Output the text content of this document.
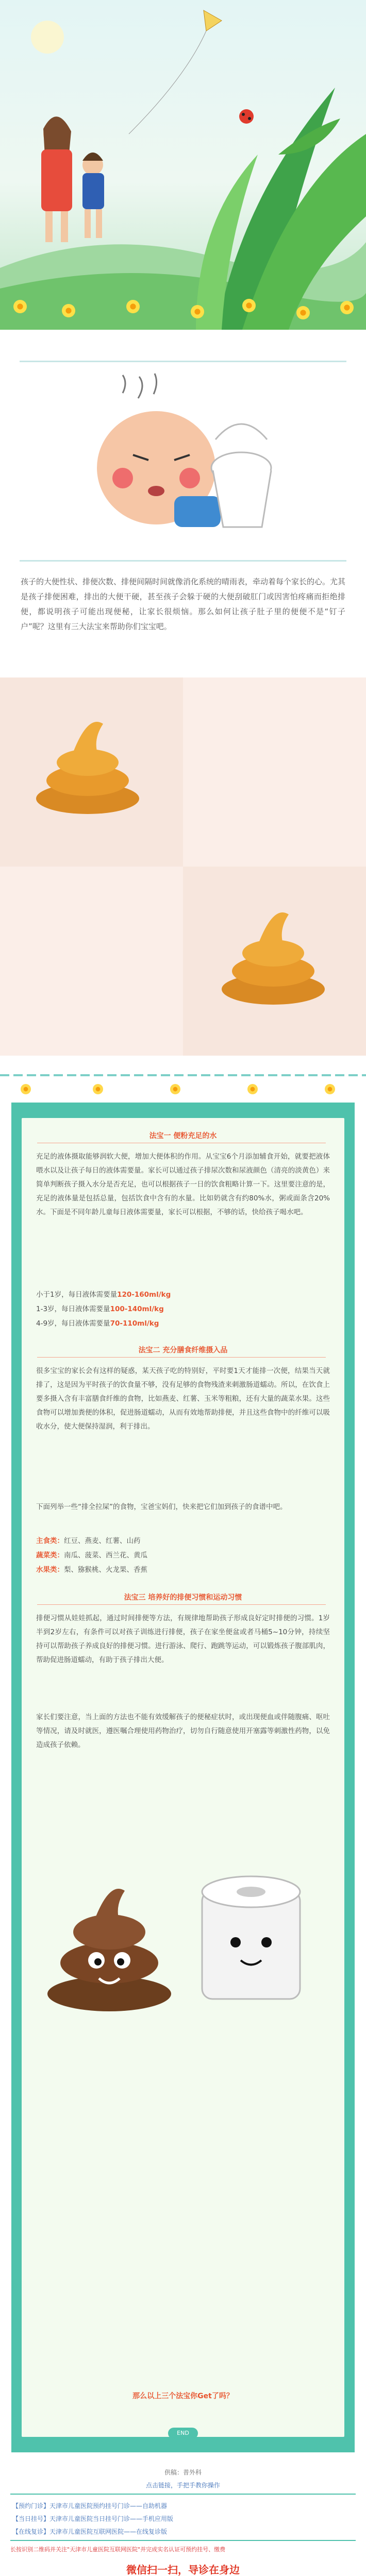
孩子的大便性状、排便次数、排便间隔时间就像消化系统的晴雨表，牵动着每个家长的心。尤其是孩子排便困难，排出的大便干硬，甚至孩子会躲于硬的大便刮破肛门或因害怕疼痛而拒绝排便，都说明孩子可能出现便秘，让家长很烦恼。那么如何让孩子肚子里的便便不是“钉子户”呢？这里有三大法宝来帮助你们宝宝吧。
法宝一 便粉充足的水
充足的液体摄取能够润软大便，增加大便体积的作用。从宝宝6个月添加辅食开始，就要把液体喂水以及让孩子每日的液体需要量。家长可以通过孩子排尿次数和尿液颜色（清亮的淡黄色）来简单判断孩子摄入水分是否充足，也可以根据孩子一日的饮食粗略计算一下。这里要注意的是，充足的液体量是包括总量，包括饮食中含有的水量。比如奶就含有约80%水，粥或面条含20%水。下面是不同年龄儿童每日液体需要量，家长可以根据，不够的话，快给孩子喝水吧。
小于1岁，每日液体需要量120-160ml/kg
1-3岁，每日液体需要量100-140ml/kg
4-9岁，每日液体需要量70-110ml/kg
法宝二 充分膳食纤维摄入品
很多宝宝的家长会有这样的疑惑，某天孩子吃的特别好，平时要1天才能排一次便，结果当天就排了，这是因为平时孩子的饮食量不够，没有足够的食物残渣来刺激肠道蠕动。所以，在饮食上要多摄入含有丰富膳食纤维的食物，比如燕麦、红薯、玉米等粗粮，还有大量的蔬菜水果。这些食物可以增加粪便的体积，促进肠道蠕动，从而有效地帮助排便，并且这些食物中的纤维可以吸收水分，使大便保持湿润，利于排出。
下面列举一些“排全拉屎”的食物，宝爸宝妈们，快来把它们加到孩子的食谱中吧。
主食类：红豆、燕麦、红薯、山药
蔬菜类：南瓜、菠菜、西兰花、黄瓜
水果类：梨、猕猴桃、火龙果、香蕉
法宝三 培养好的排便习惯和运动习惯
排便习惯从娃娃抓起，通过时间排便等方法，有规律地帮助孩子形成良好定时排便的习惯。1岁半到2岁左右，有条件可以对孩子训练进行排便，孩子在家坐便盆或者马桶5~10分钟，持续坚持可以帮助孩子养成良好的排便习惯。进行游泳、爬行、跑跳等运动，可以锻炼孩子腹部肌肉，帮助促进肠道蠕动，有助于孩子排出大便。
家长们要注意，当上面的方法也不能有效缓解孩子的便秘症状时，或出现便血或伴随腹痛、呕吐等情况，请及时就医，遵医嘱合理使用药物治疗，切勿自行随意使用开塞露等刺激性药物，以免造成孩子依赖。
那么以上三个法宝你Get了吗？
END
供稿：普外科
点击链接，手把手教你操作
【预约门诊】天津市儿童医院预约挂号门诊——自助机器
【当日挂号】天津市儿童医院当日挂号门诊——手机应用版
【在线复诊】天津市儿童医院互联网医院——在线复诊版
长按识别二维码并关注"天津市儿童医院互联网医院"并完成实名认证可预约挂号、缴费
微信扫一扫，导诊在身边
